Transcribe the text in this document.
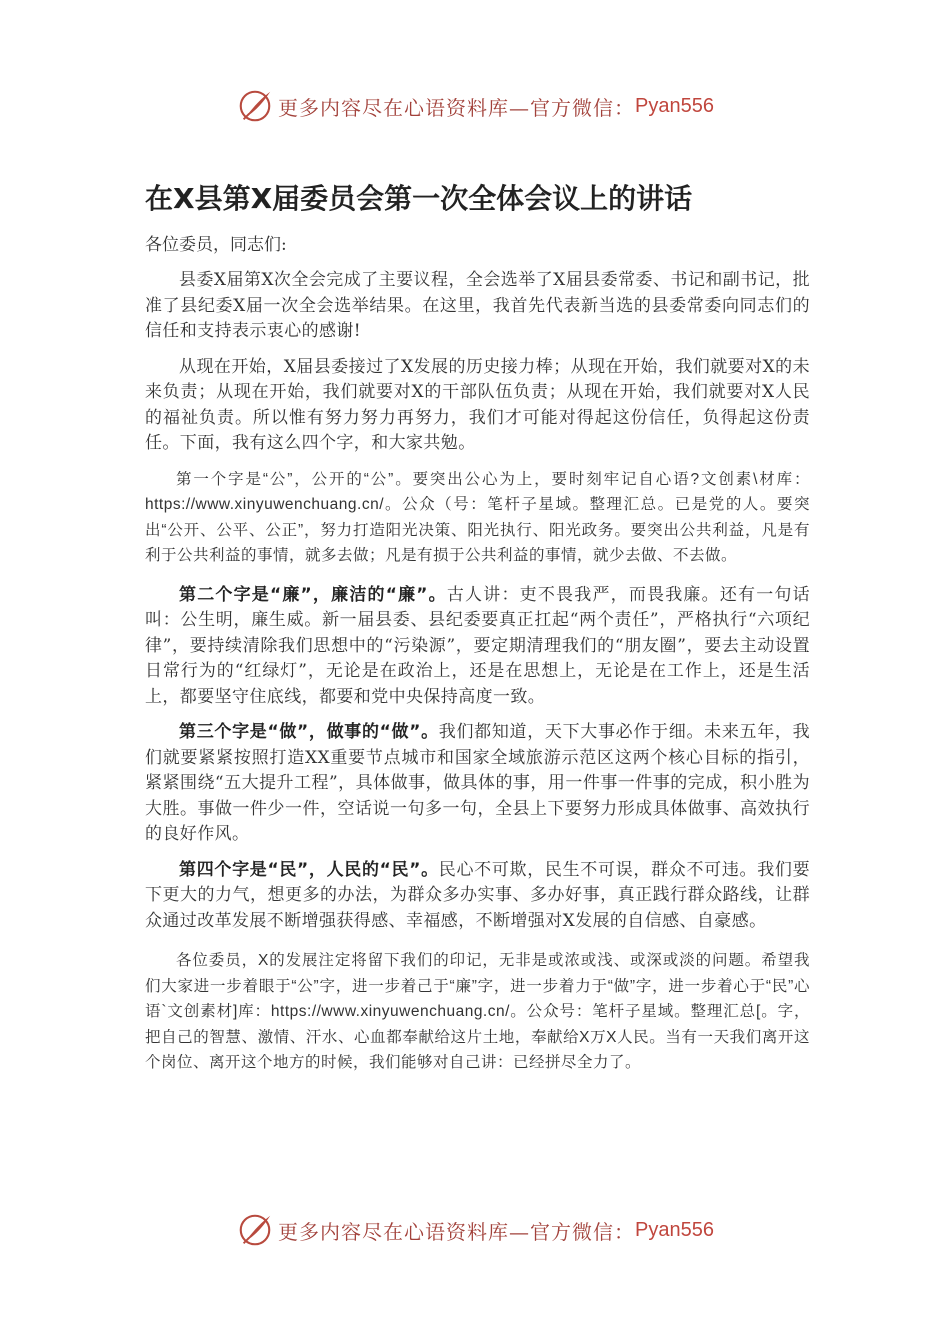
更多内容尽在心语资料库—官方微信： Pyan556
在X县第X届委员会第一次全体会议上的讲话

各位委员，同志们:

县委X届第X次全会完成了主要议程，全会选举了X届县委常委、书记和副书记，批准了县纪委X届一次全会选举结果。在这里，我首先代表新当选的县委常委向同志们的信任和支持表示衷心的感谢!

从现在开始，X届县委接过了X发展的历史接力棒；从现在开始，我们就要对X的未来负责；从现在开始，我们就要对X的干部队伍负责；从现在开始，我们就要对X人民的福祉负责。所以惟有努力努力再努力，我们才可能对得起这份信任，负得起这份责任。下面，我有这么四个字，和大家共勉。

第一个字是“公”，公开的“公”。要突出公心为上，要时刻牢记自心语?文创素\材库：https://www.xinyuwenchuang.cn/。公众（号：笔杆子星域。整理汇总。已是党的人。要突出“公开、公平、公正”，努力打造阳光决策、阳光执行、阳光政务。要突出公共利益，凡是有利于公共利益的事情，就多去做；凡是有损于公共利益的事情，就少去做、不去做。

第二个字是“廉”，廉洁的“廉”。古人讲：吏不畏我严，而畏我廉。还有一句话叫：公生明，廉生威。新一届县委、县纪委要真正扛起“两个责任”，严格执行“六项纪律”，要持续清除我们思想中的“污染源”，要定期清理我们的“朋友圈”，要去主动设置日常行为的“红绿灯”，无论是在政治上，还是在思想上，无论是在工作上，还是生活上，都要坚守住底线，都要和党中央保持高度一致。

第三个字是“做”，做事的“做”。我们都知道，天下大事必作于细。未来五年，我们就要紧紧按照打造XX重要节点城市和国家全域旅游示范区这两个核心目标的指引，紧紧围绕“五大提升工程”，具体做事，做具体的事，用一件事一件事的完成，积小胜为大胜。事做一件少一件，空话说一句多一句，全县上下要努力形成具体做事、高效执行的良好作风。

第四个字是“民”，人民的“民”。民心不可欺，民生不可误，群众不可违。我们要下更大的力气，想更多的办法，为群众多办实事、多办好事，真正践行群众路线，让群众通过改革发展不断增强获得感、幸福感，不断增强对X发展的自信感、自豪感。

各位委员，X的发展注定将留下我们的印记，无非是或浓或浅、或深或淡的问题。希望我们大家进一步着眼于“公”字，进一步着己于“廉”字，进一步着力于“做”字，进一步着心于“民”心语`文创素材]库：https://www.xinyuwenchuang.cn/。公众号：笔杆子星域。整理汇总[。字，把自己的智慧、激情、汗水、心血都奉献给这片土地，奉献给X万X人民。当有一天我们离开这个岗位、离开这个地方的时候，我们能够对自己讲：已经拼尽全力了。

更多内容尽在心语资料库—官方微信： Pyan556
